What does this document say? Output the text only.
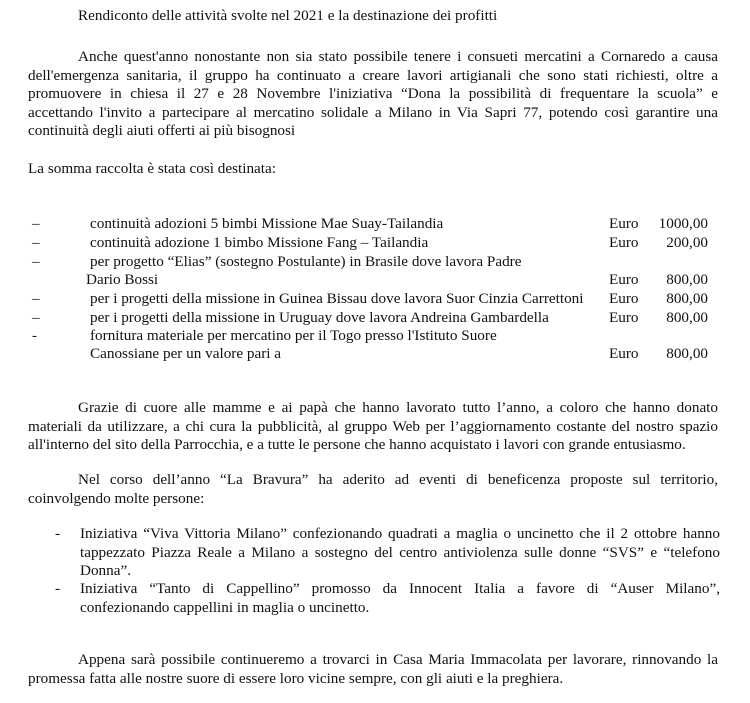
Rendiconto delle attività svolte nel 2021 e la destinazione dei profitti
Anche quest'anno nonostante non sia stato possibile tenere i consueti mercatini a Cornaredo a causa
dell'emergenza sanitaria, il gruppo ha continuato a creare lavori artigianali che sono stati richiesti, oltre a
promuovere in chiesa il 27 e 28 Novembre l'iniziativa “Dona la possibilità di frequentare la scuola” e
accettando l'invito a partecipare al mercatino solidale a Milano in Via Sapri 77, potendo così garantire una
continuità degli aiuti offerti ai più bisognosi
La somma raccolta è stata così destinata:
–	continuità adozioni 5 bimbi Missione Mae Suay-Tailandia	Euro 1000,00
–	continuità adozione 1 bimbo Missione Fang – Tailandia	Euro 200,00
–	per progetto “Elias” (sostegno Postulante) in Brasile dove lavora Padre
Dario Bossi	Euro 800,00
–	per i progetti della missione in Guinea Bissau dove lavora Suor Cinzia Carrettoni Euro 800,00
–	per i progetti della missione in Uruguay dove lavora Andreina Gambardella	Euro 800,00
-	fornitura materiale per mercatino per il Togo presso l'Istituto Suore
Canossiane per un valore pari a	Euro 800,00
Grazie di cuore alle mamme e ai papà che hanno lavorato tutto l’anno, a coloro che hanno donato
materiali da utilizzare, a chi cura la pubblicità, al gruppo Web per l’aggiornamento costante del nostro spazio
all'interno del sito della Parrocchia, e a tutte le persone che hanno acquistato i lavori con grande entusiasmo.
Nel corso dell’anno “La Bravura” ha aderito ad eventi di beneficenza proposte sul territorio,
coinvolgendo molte persone:
- Iniziativa “Viva Vittoria Milano” confezionando quadrati a maglia o uncinetto che il 2 ottobre hanno
tappezzato Piazza Reale a Milano a sostegno del centro antiviolenza sulle donne “SVS” e “telefono
Donna”.
- Iniziativa “Tanto di Cappellino” promosso da Innocent Italia a favore di “Auser Milano”,
confezionando cappellini in maglia o uncinetto.
Appena sarà possibile continueremo a trovarci in Casa Maria Immacolata per lavorare, rinnovando la
promessa fatta alle nostre suore di essere loro vicine sempre, con gli aiuti e la preghiera.
